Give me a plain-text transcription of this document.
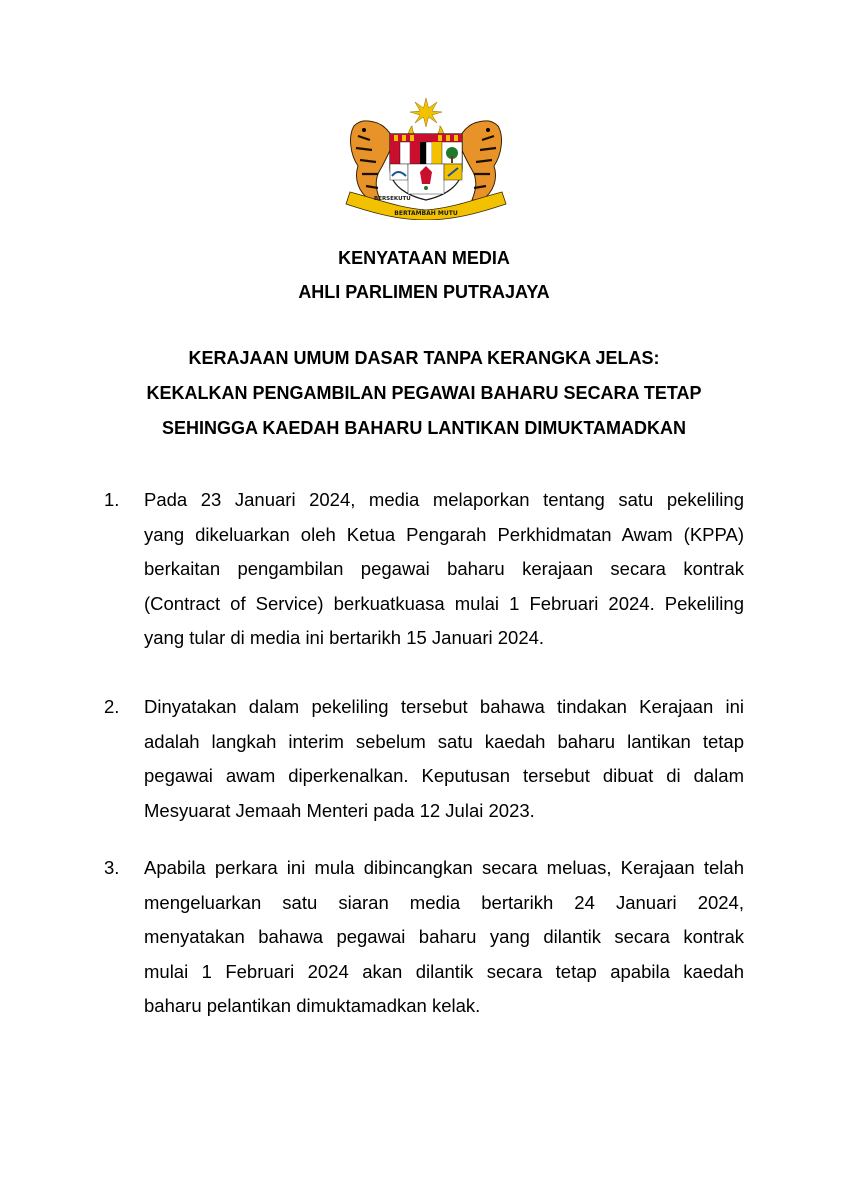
BERSEKUTU
BERTAMBAH MUTU
KENYATAAN MEDIA
AHLI PARLIMEN PUTRAJAYA
KERAJAAN UMUM DASAR TANPA KERANGKA JELAS:
KEKALKAN PENGAMBILAN PEGAWAI BAHARU SECARA TETAP
SEHINGGA KAEDAH BAHARU LANTIKAN DIMUKTAMADKAN
1. Pada 23 Januari 2024, media melaporkan tentang satu pekeliling
yang dikeluarkan oleh Ketua Pengarah Perkhidmatan Awam (KPPA)
berkaitan pengambilan pegawai baharu kerajaan secara kontrak
(Contract of Service) berkuatkuasa mulai 1 Februari 2024. Pekeliling
yang tular di media ini bertarikh 15 Januari 2024.
2. Dinyatakan dalam pekeliling tersebut bahawa tindakan Kerajaan ini
adalah langkah interim sebelum satu kaedah baharu lantikan tetap
pegawai awam diperkenalkan. Keputusan tersebut dibuat di dalam
Mesyuarat Jemaah Menteri pada 12 Julai 2023.
3. Apabila perkara ini mula dibincangkan secara meluas, Kerajaan telah
mengeluarkan satu siaran media bertarikh 24 Januari 2024,
menyatakan bahawa pegawai baharu yang dilantik secara kontrak
mulai 1 Februari 2024 akan dilantik secara tetap apabila kaedah
baharu pelantikan dimuktamadkan kelak.
